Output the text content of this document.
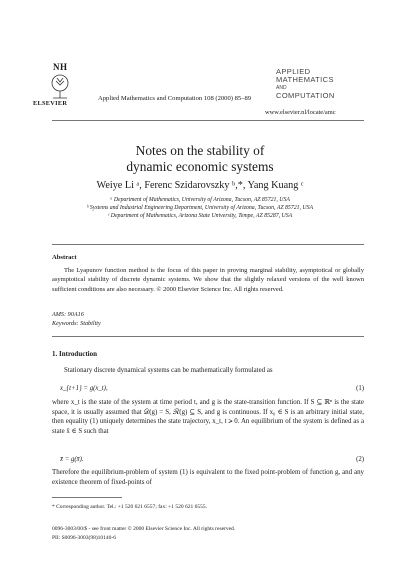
NH
ELSEVIER
Applied Mathematics and Computation 108 (2000) 85–89
APPLIED
MATHEMATICS
AND
COMPUTATION
www.elsevier.nl/locate/amc
Notes on the stability of dynamic economic systems
Weiye Li ᵃ, Ferenc Szidarovszky ᵇ,*, Yang Kuang ᶜ
ᵃ Department of Mathematics, University of Arizona, Tucson, AZ 85721, USA
ᵇ Systems and Industrial Engineering Department, University of Arizona, Tucson, AZ 85721, USA
ᶜ Department of Mathematics, Arizona State University, Tempe, AZ 85287, USA
Abstract
The Lyapunov function method is the focus of this paper in proving marginal stability, asymptotical or globally asymptotical stability of discrete dynamic systems. We show that the slightly relaxed versions of the well known sufficient conditions are also necessary. © 2000 Elsevier Science Inc. All rights reserved.
AMS: 90A16
Keywords: Stability
1. Introduction
Stationary discrete dynamical systems can be mathematically formulated as
x_{t+1} = g(x_t),	(1)
where x_t is the state of the system at time period t, and g is the state-transition function. If S ⊆ ℝⁿ is the state space, it is usually assumed that 𝒟(g) = S, ℛ(g) ⊆ S, and g is continuous. If x₀ ∈ S is an arbitrary initial state, then equality (1) uniquely determines the state trajectory, x_t, t ⩾ 0. An equilibrium of the system is defined as a state x̄ ∈ S such that
x̄ = g(x̄).	(2)
Therefore the equilibrium-problem of system (1) is equivalent to the fixed point-problem of function g, and any existence theorem of fixed-points of
* Corresponding author. Tel.: +1 520 621 6557; fax: +1 520 621 6555.
0096-3003/00/$ - see front matter © 2000 Elsevier Science Inc. All rights reserved.
PII: S0096-3003(98)10140-6
